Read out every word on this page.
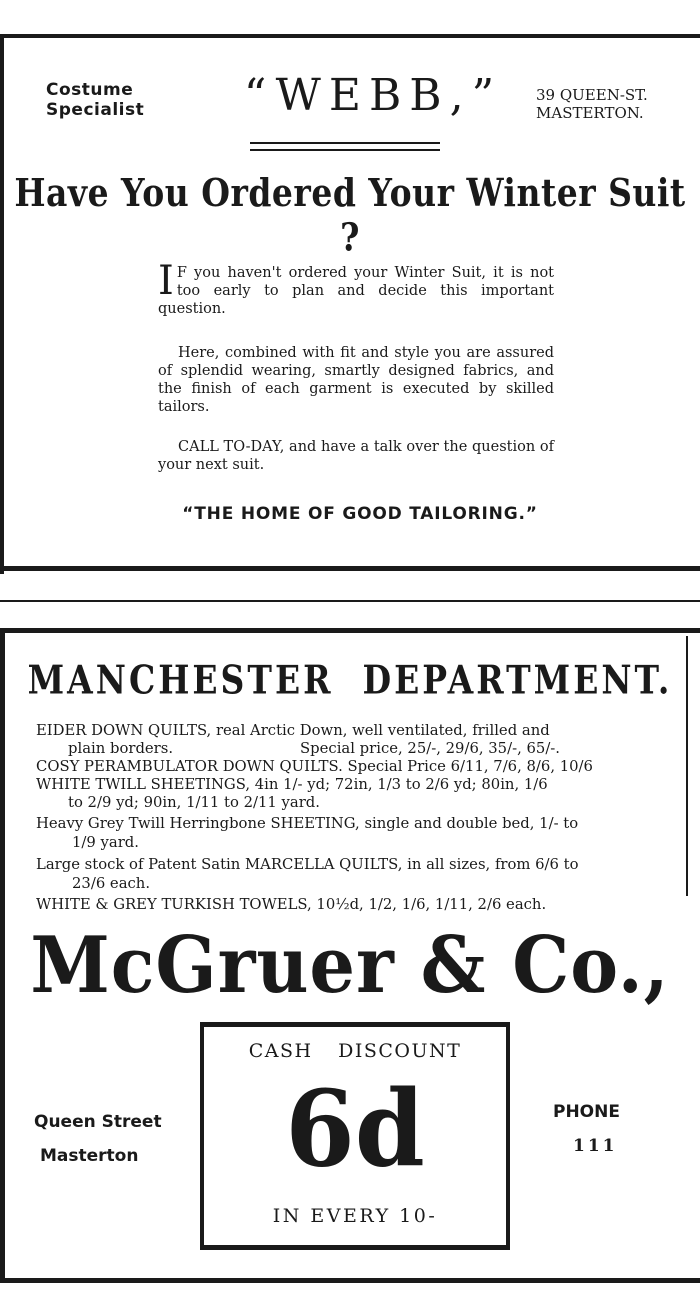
Costume
Specialist “WEBB,”	39 QUEEN-ST.
MASTERTON.
Have You Ordered Your Winter Suit ?
I F you haven't ordered your Winter Suit, it is not too early to plan and decide this important question.
Here, combined with fit and style you are assured of splendid wearing, smartly designed fabrics, and the finish of each garment is executed by skilled tailors.
CALL TO-DAY, and have a talk over the question of your next suit.
“THE HOME OF GOOD TAILORING.”
MANCHESTER  DEPARTMENT.
EIDER DOWN QUILTS, real Arctic Down, well ventilated, frilled and
plain borders.                           Special price, 25/-, 29/6, 35/-, 65/-.
COSY PERAMBULATOR DOWN QUILTS. Special Price 6/11, 7/6, 8/6, 10/6
WHITE TWILL SHEETINGS, 4in 1/- yd; 72in, 1/3 to 2/6 yd; 80in, 1/6
to 2/9 yd; 90in, 1/11 to 2/11 yard.
Heavy Grey Twill Herringbone SHEETING, single and double bed, 1/- to
1/9 yard.
Large stock of Patent Satin MARCELLA QUILTS, in all sizes, from 6/6 to
23/6 each.
WHITE & GREY TURKISH TOWELS, 10½d, 1/2, 1/6, 1/11, 2/6 each.
McGruer & Co.,
CASH DISCOUNT
6d
IN EVERY 10-
Queen Street
Masterton
PHONE
111
